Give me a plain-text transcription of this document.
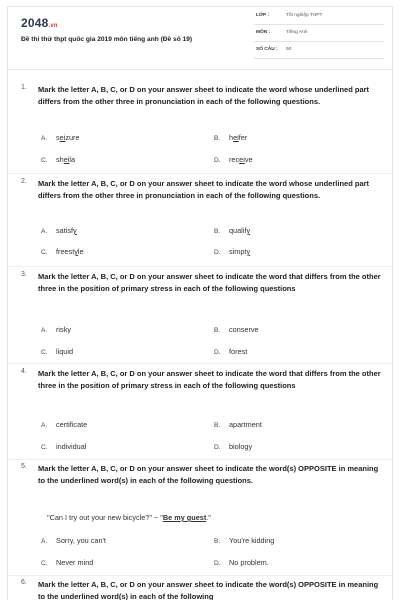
2048.vn
Đề thi thử thpt quốc gia 2019 môn tiếng anh (Đề số 19)
LỚP :	Tốt nghiệp THPT
MÔN :	Tiếng Anh
SỐ CÂU : 50
1. Mark the letter A, B, C, or D on your answer sheet to indicate the word whose underlined part differs from the other three in pronunciation in each of the following questions.
A. seizure	B. heifer
C. sheila	D. receive
2. Mark the letter A, B, C, or D on your answer sheet to indicate the word whose underlined part differs from the other three in pronunciation in each of the following questions.
A. satisfy	B. qualify
C. freestyle	D. simpty
3. Mark the letter A, B, C, or D on your answer sheet to indicate the word that differs from the other three in the position of primary stress in each of the following questions
A. risky	B. conserve
C. liquid	D. forest
4. Mark the letter A, B, C, or D on your answer sheet to indicate the word that differs from the other three in the position of primary stress in each of the following questions
A. certificate	B. apartment
C. individual	D. biology
5. Mark the letter A, B, C, or D on your answer sheet to indicate the word(s) OPPOSITE in meaning to the underlined word(s) in each of the following questions.
"Can I try out your new bicycle?" ~ "Be my guest."
A. Sorry, you can't	B. You're kidding
C. Never mind	D. No problem.
6. Mark the letter A, B, C, or D on your answer sheet to indicate the word(s) OPPOSITE in meaning to the underlined word(s) in each of the following
